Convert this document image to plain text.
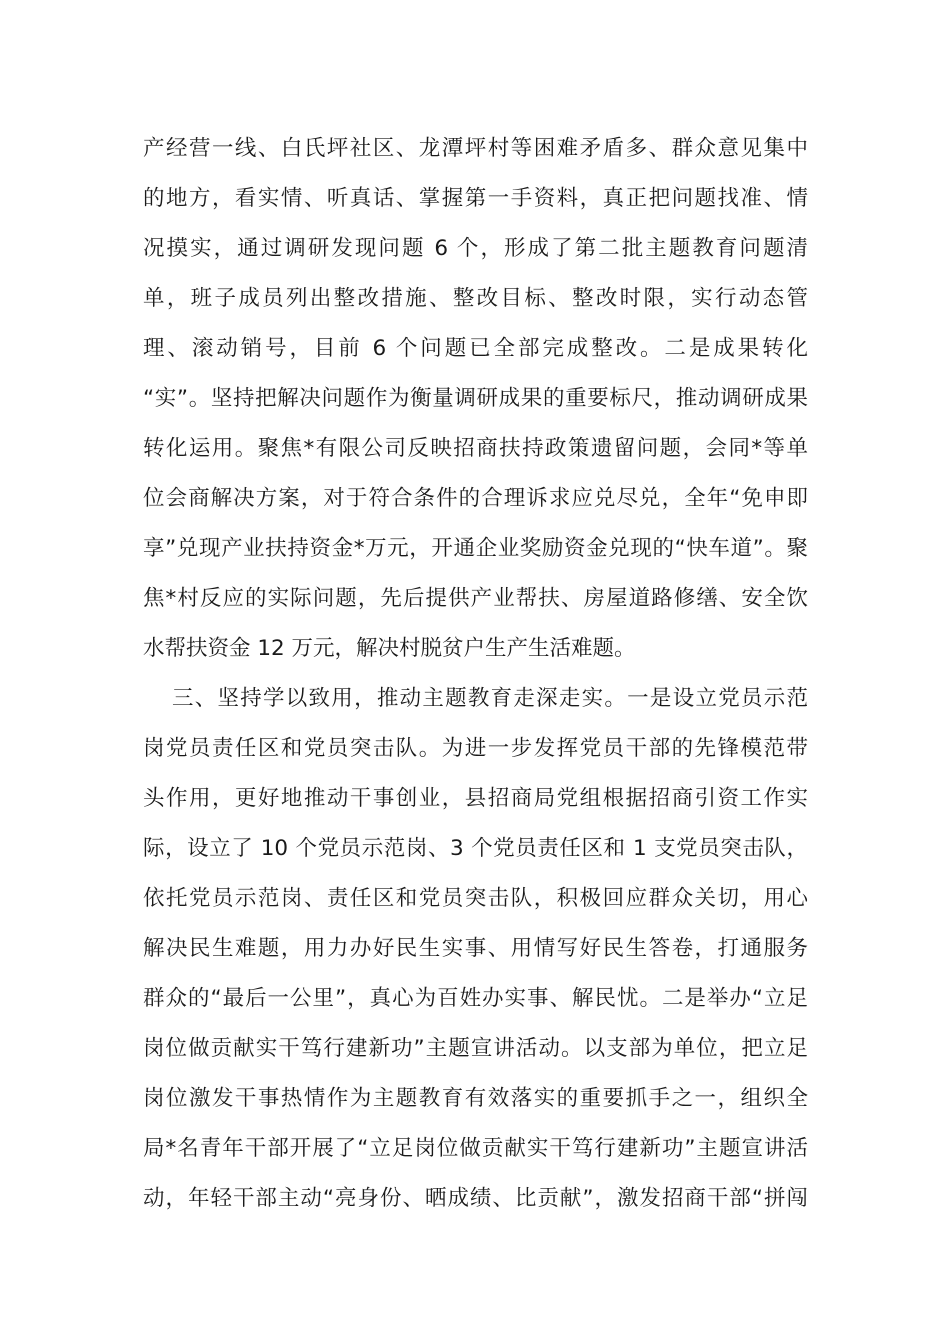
产经营一线、白氏坪社区、龙潭坪村等困难矛盾多、群众意见集中
的地方，看实情、听真话、掌握第一手资料，真正把问题找准、情
况摸实，通过调研发现问题 6 个，形成了第二批主题教育问题清
单，班子成员列出整改措施、整改目标、整改时限，实行动态管
理、滚动销号，目前 6 个问题已全部完成整改。二是成果转化
“实”。坚持把解决问题作为衡量调研成果的重要标尺，推动调研成果
转化运用。聚焦*有限公司反映招商扶持政策遗留问题，会同*等单
位会商解决方案，对于符合条件的合理诉求应兑尽兑，全年“免申即
享”兑现产业扶持资金*万元，开通企业奖励资金兑现的“快车道”。聚
焦*村反应的实际问题，先后提供产业帮扶、房屋道路修缮、安全饮
水帮扶资金 12 万元，解决村脱贫户生产生活难题。
三、坚持学以致用，推动主题教育走深走实。一是设立党员示范
岗党员责任区和党员突击队。为进一步发挥党员干部的先锋模范带
头作用，更好地推动干事创业，县招商局党组根据招商引资工作实
际，设立了 10 个党员示范岗、3 个党员责任区和 1 支党员突击队，
依托党员示范岗、责任区和党员突击队，积极回应群众关切，用心
解决民生难题，用力办好民生实事、用情写好民生答卷，打通服务
群众的“最后一公里”，真心为百姓办实事、解民忧。二是举办“立足
岗位做贡献实干笃行建新功”主题宣讲活动。以支部为单位，把立足
岗位激发干事热情作为主题教育有效落实的重要抓手之一，组织全
局*名青年干部开展了“立足岗位做贡献实干笃行建新功”主题宣讲活
动，年轻干部主动“亮身份、晒成绩、比贡献”，激发招商干部“拼闯
